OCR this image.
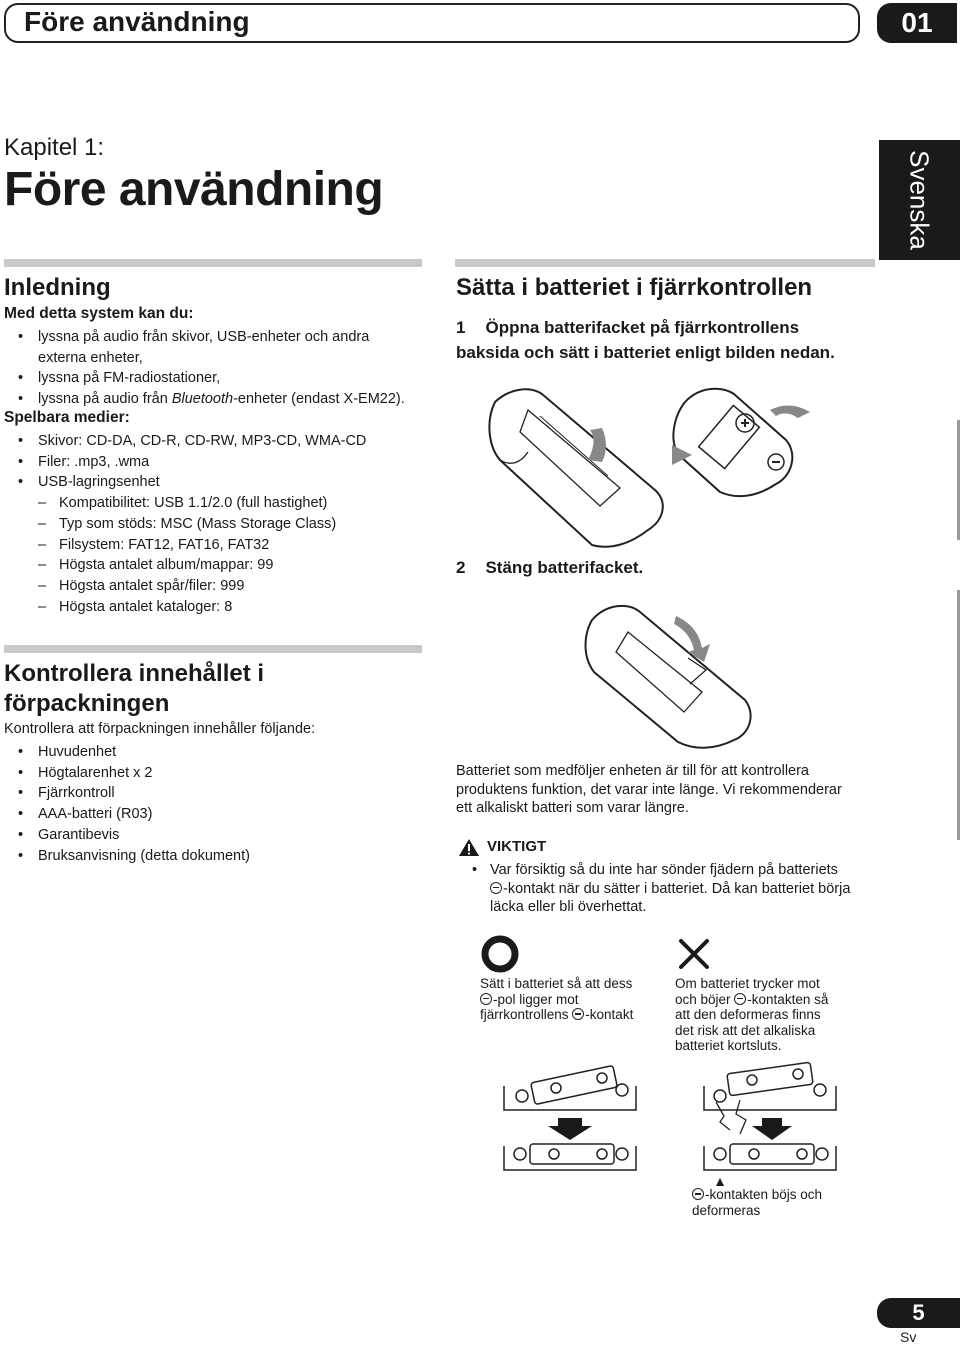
Före användning	01
Svenska
Kapitel 1:
Före användning
Inledning
Med detta system kan du:
• lyssna på audio från skivor, USB-enheter och andra
externa enheter,
• lyssna på FM-radiostationer,
• lyssna på audio från Bluetooth-enheter (endast X-EM22).
Spelbara medier:
• Skivor: CD-DA, CD-R, CD-RW, MP3-CD, WMA-CD
• Filer: .mp3, .wma
• USB-lagringsenhet
– Kompatibilitet: USB 1.1/2.0 (full hastighet)
– Typ som stöds: MSC (Mass Storage Class)
– Filsystem: FAT12, FAT16, FAT32
– Högsta antalet album/mappar: 99
– Högsta antalet spår/filer: 999
– Högsta antalet kataloger: 8
Kontrollera innehållet i
förpackningen
Kontrollera att förpackningen innehåller följande:
• Huvudenhet
• Högtalarenhet x 2
• Fjärrkontroll
• AAA-batteri (R03)
• Garantibevis
• Bruksanvisning (detta dokument)
Sätta i batteriet i fjärrkontrollen
1 Öppna batterifacket på fjärrkontrollens
baksida och sätt i batteriet enligt bilden nedan.
2 Stäng batterifacket.
Batteriet som medföljer enheten är till för att kontrollera
produktens funktion, det varar inte länge. Vi rekommenderar
ett alkaliskt batteri som varar längre.
VIKTIGT
• Var försiktig så du inte har sönder fjädern på batteriets
-kontakt när du sätter i batteriet. Då kan batteriet börja
läcka eller bli överhettat.
Sätt i batteriet så att dess
-pol ligger mot
fjärrkontrollens -kontakt
Om batteriet trycker mot
och böjer -kontakten så
att den deformeras finns
det risk att det alkaliska
batteriet kortsluts.
-kontakten böjs och
deformeras
5
Sv
